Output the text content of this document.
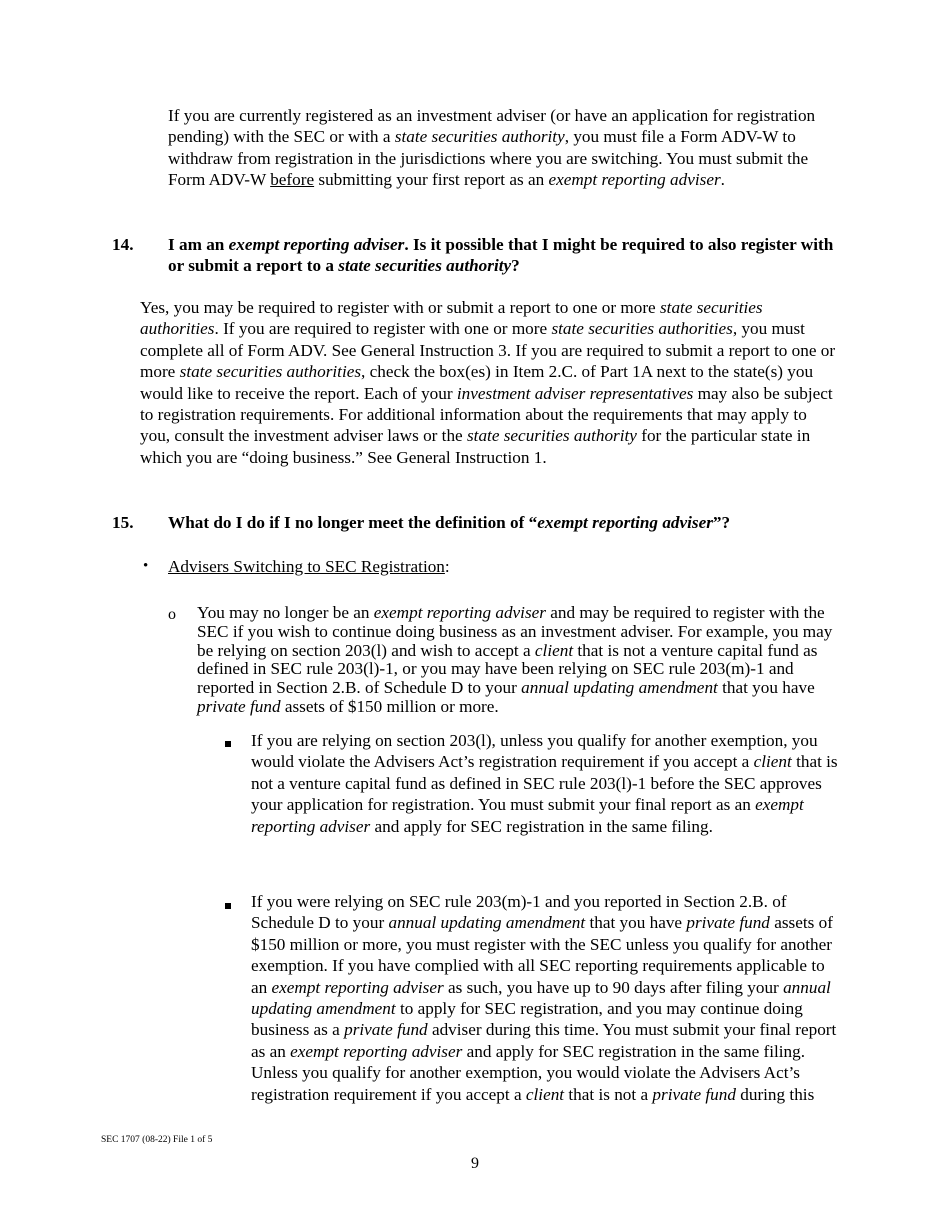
If you are currently registered as an investment adviser (or have an application for registration pending) with the SEC or with a state securities authority, you must file a Form ADV-W to withdraw from registration in the jurisdictions where you are switching. You must submit the Form ADV-W before submitting your first report as an exempt reporting adviser.

14. I am an exempt reporting adviser. Is it possible that I might be required to also register with or submit a report to a state securities authority?

Yes, you may be required to register with or submit a report to one or more state securities authorities. If you are required to register with one or more state securities authorities, you must complete all of Form ADV. See General Instruction 3. If you are required to submit a report to one or more state securities authorities, check the box(es) in Item 2.C. of Part 1A next to the state(s) you would like to receive the report. Each of your investment adviser representatives may also be subject to registration requirements. For additional information about the requirements that may apply to you, consult the investment adviser laws or the state securities authority for the particular state in which you are “doing business.” See General Instruction 1.

15. What do I do if I no longer meet the definition of “exempt reporting adviser”?

• Advisers Switching to SEC Registration:
o You may no longer be an exempt reporting adviser and may be required to register with the SEC if you wish to continue doing business as an investment adviser. For example, you may be relying on section 203(l) and wish to accept a client that is not a venture capital fund as defined in SEC rule 203(l)-1, or you may have been relying on SEC rule 203(m)-1 and reported in Section 2.B. of Schedule D to your annual updating amendment that you have private fund assets of $150 million or more.

If you are relying on section 203(l), unless you qualify for another exemption, you would violate the Advisers Act’s registration requirement if you accept a client that is not a venture capital fund as defined in SEC rule 203(l)-1 before the SEC approves your application for registration. You must submit your final report as an exempt reporting adviser and apply for SEC registration in the same filing.

If you were relying on SEC rule 203(m)-1 and you reported in Section 2.B. of Schedule D to your annual updating amendment that you have private fund assets of $150 million or more, you must register with the SEC unless you qualify for another exemption. If you have complied with all SEC reporting requirements applicable to an exempt reporting adviser as such, you have up to 90 days after filing your annual updating amendment to apply for SEC registration, and you may continue doing business as a private fund adviser during this time. You must submit your final report as an exempt reporting adviser and apply for SEC registration in the same filing. Unless you qualify for another exemption, you would violate the Advisers Act’s registration requirement if you accept a client that is not a private fund during this

SEC 1707 (08-22) File 1 of 5
9
